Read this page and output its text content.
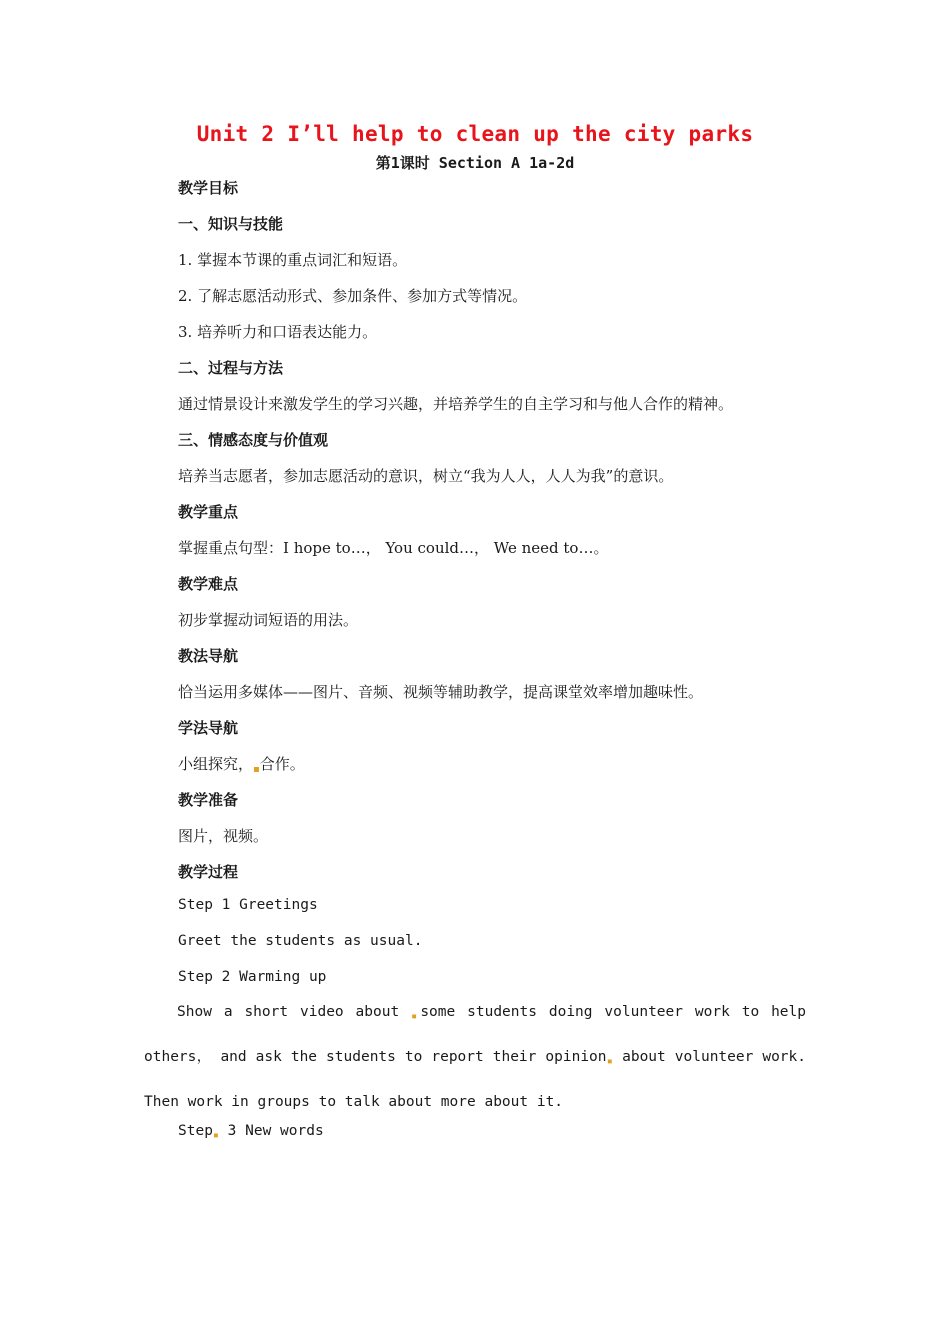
Unit 2 I’ll help to clean up the city parks
第1课时 Section A 1a-2d
教学目标
一、知识与技能
1. 掌握本节课的重点词汇和短语。
2. 了解志愿活动形式、参加条件、参加方式等情况。
3. 培养听力和口语表达能力。
二、过程与方法
通过情景设计来激发学生的学习兴趣，并培养学生的自主学习和与他人合作的精神。
三、情感态度与价值观
培养当志愿者，参加志愿活动的意识，树立“我为人人，人人为我”的意识。
教学重点
掌握重点句型：I hope to…， You could…， We need to…。
教学难点
初步掌握动词短语的用法。
教法导航
恰当运用多媒体——图片、音频、视频等辅助教学，提高课堂效率增加趣味性。
学法导航
小组探究，$_▪$合作。
教学准备
图片，视频。
教学过程
Step 1 Greetings
Greet the students as usual.
Step 2 Warming up
Show a short video about $_▪$some students doing volunteer work to help others， and ask the students to report their opinion$_▪$ about volunteer work. Then work in groups to talk about more about it.
Step$_▪$ 3 New words
